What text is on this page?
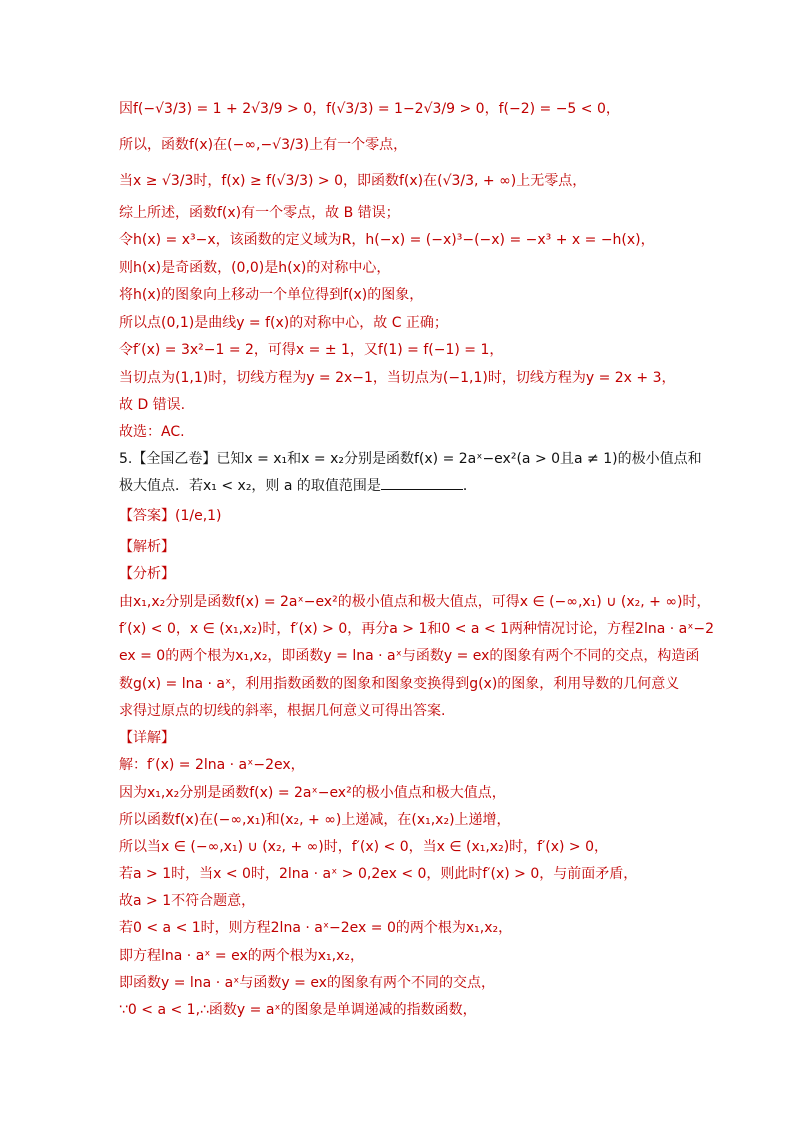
因f(−√3/3) = 1 + 2√3/9 > 0，f(√3/3) = 1−2√3/9 > 0，f(−2) = −5 < 0，
所以，函数f(x)在(−∞,−√3/3)上有一个零点，
当x ≥ √3/3时，f(x) ≥ f(√3/3) > 0，即函数f(x)在(√3/3, + ∞)上无零点，
综上所述，函数f(x)有一个零点，故 B 错误；
令h(x) = x³−x，该函数的定义域为R，h(−x) = (−x)³−(−x) = −x³ + x = −h(x)，
则h(x)是奇函数，(0,0)是h(x)的对称中心，
将h(x)的图象向上移动一个单位得到f(x)的图象，
所以点(0,1)是曲线y = f(x)的对称中心，故 C 正确；
令f′(x) = 3x²−1 = 2，可得x = ± 1，又f(1) = f(−1) = 1，
当切点为(1,1)时，切线方程为y = 2x−1，当切点为(−1,1)时，切线方程为y = 2x + 3，
故 D 错误.
故选：AC.
5.【全国乙卷】已知x = x₁和x = x₂分别是函数f(x) = 2aˣ−ex²(a > 0且a ≠ 1)的极小值点和
极大值点．若x₁ < x₂，则 a 的取值范围是	．
【答案】(1/e,1)
【解析】
【分析】
由x₁,x₂分别是函数f(x) = 2aˣ−ex²的极小值点和极大值点，可得x ∈ (−∞,x₁) ∪ (x₂, + ∞)时，
f′(x) < 0，x ∈ (x₁,x₂)时，f′(x) > 0，再分a > 1和0 < a < 1两种情况讨论，方程2lna · aˣ−2
ex = 0的两个根为x₁,x₂，即函数y = lna · aˣ与函数y = ex的图象有两个不同的交点，构造函
数g(x) = lna · aˣ，利用指数函数的图象和图象变换得到g(x)的图象，利用导数的几何意义
求得过原点的切线的斜率，根据几何意义可得出答案.
【详解】
解：f′(x) = 2lna · aˣ−2ex，
因为x₁,x₂分别是函数f(x) = 2aˣ−ex²的极小值点和极大值点，
所以函数f(x)在(−∞,x₁)和(x₂, + ∞)上递减，在(x₁,x₂)上递增，
所以当x ∈ (−∞,x₁) ∪ (x₂, + ∞)时，f′(x) < 0，当x ∈ (x₁,x₂)时，f′(x) > 0，
若a > 1时，当x < 0时，2lna · aˣ > 0,2ex < 0，则此时f′(x) > 0，与前面矛盾，
故a > 1不符合题意，
若0 < a < 1时，则方程2lna · aˣ−2ex = 0的两个根为x₁,x₂，
即方程lna · aˣ = ex的两个根为x₁,x₂，
即函数y = lna · aˣ与函数y = ex的图象有两个不同的交点，
∵0 < a < 1,∴函数y = aˣ的图象是单调递减的指数函数，
